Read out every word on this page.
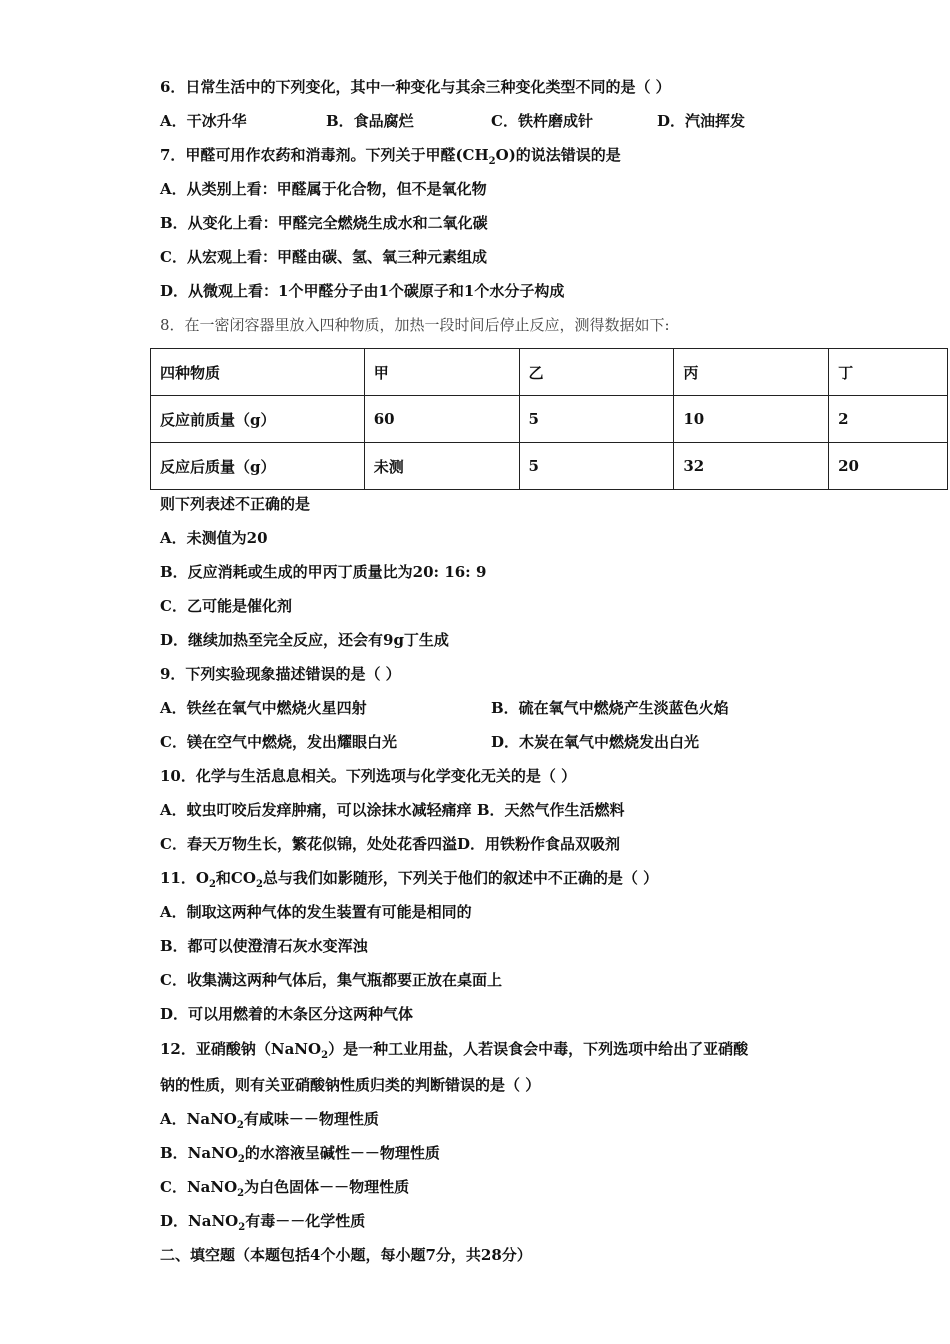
6．日常生活中的下列变化，其中一种变化与其余三种变化类型不同的是（ ）
A．干冰升华	B．食品腐烂	C．铁杵磨成针	D．汽油挥发
7．甲醛可用作农药和消毒剂。下列关于甲醛$(CH_2O)$的说法错误的是
A．从类别上看：甲醛属于化合物，但不是氧化物
B．从变化上看：甲醛完全燃烧生成水和二氧化碳
C．从宏观上看：甲醛由碳、氢、氧三种元素组成
D．从微观上看：1个甲醛分子由1个碳原子和1个水分子构成
8．在一密闭容器里放入四种物质，加热一段时间后停止反应，测得数据如下:
四种物质	甲	乙	丙	丁
反应前质量（g）	60	5	10	2
反应后质量（g）	未测	5	32	20
则下列表述不正确的是
A．未测值为20
B．反应消耗或生成的甲丙丁质量比为20: 16: 9
C．乙可能是催化剂
D．继续加热至完全反应，还会有9g丁生成
9．下列实验现象描述错误的是（ ）
A．铁丝在氧气中燃烧火星四射	B．硫在氧气中燃烧产生淡蓝色火焰
C．镁在空气中燃烧，发出耀眼白光	D．木炭在氧气中燃烧发出白光
10．化学与生活息息相关。下列选项与化学变化无关的是（ ）
A．蚊虫叮咬后发痒肿痛，可以涂抹水减轻痛痒 B．天然气作生活燃料
C．春天万物生长，繁花似锦，处处花香四溢D．用铁粉作食品双吸剂
11．$O_2$和$CO_2$总与我们如影随形，下列关于他们的叙述中不正确的是（ ）
A．制取这两种气体的发生装置有可能是相同的
B．都可以使澄清石灰水变浑浊
C．收集满这两种气体后，集气瓶都要正放在桌面上
D．可以用燃着的木条区分这两种气体
12．亚硝酸钠（NaNO$_2$）是一种工业用盐，人若误食会中毒，下列选项中给出了亚硝酸
钠的性质，则有关亚硝酸钠性质归类的判断错误的是（ ）
A．NaNO$_2$有咸味－－物理性质
B．NaNO$_2$的水溶液呈碱性－－物理性质
C．NaNO$_2$为白色固体－－物理性质
D．NaNO$_2$有毒－－化学性质
二、填空题（本题包括4个小题，每小题7分，共28分）
